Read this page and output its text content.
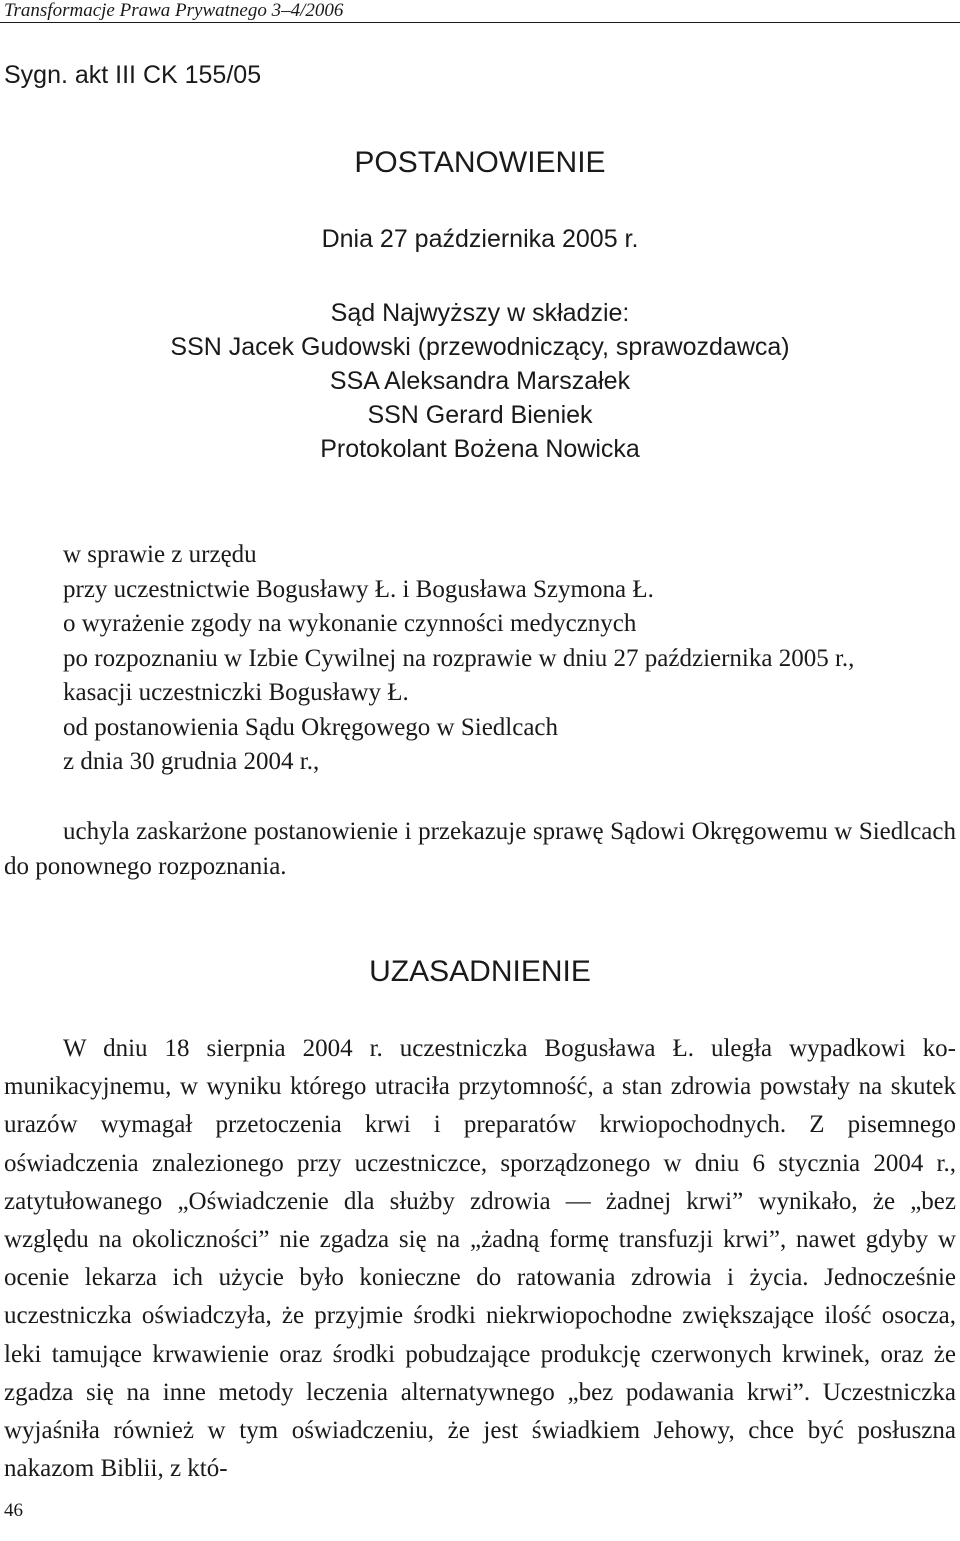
Transformacje Prawa Prywatnego 3–4/2006
Sygn. akt III CK 155/05
POSTANOWIENIE
Dnia 27 października 2005 r.
Sąd Najwyższy w składzie:
SSN Jacek Gudowski (przewodniczący, sprawozdawca)
SSA Aleksandra Marszałek
SSN Gerard Bieniek
Protokolant Bożena Nowicka
w sprawie z urzędu
przy uczestnictwie Bogusławy Ł. i Bogusława Szymona Ł.
o wyrażenie zgody na wykonanie czynności medycznych
po rozpoznaniu w Izbie Cywilnej na rozprawie w dniu 27 października 2005 r.,
kasacji uczestniczki Bogusławy Ł.
od postanowienia Sądu Okręgowego w Siedlcach
z dnia 30 grudnia 2004 r.,
uchyla zaskarżone postanowienie i przekazuje sprawę Sądowi Okręgowemu w Siedlcach do ponownego rozpoznania.
UZASADNIENIE
W dniu 18 sierpnia 2004 r. uczestniczka Bogusława Ł. uległa wypadkowi komunikacyjnemu, w wyniku którego utraciła przytomność, a stan zdrowia powstały na skutek urazów wymagał przetoczenia krwi i preparatów krwiopochodnych. Z pisemnego oświadczenia znalezionego przy uczestniczce, sporządzonego w dniu 6 stycznia 2004 r., zatytułowanego „Oświadczenie dla służby zdrowia — żadnej krwi” wynikało, że „bez względu na okoliczności” nie zgadza się na „żadną formę transfuzji krwi”, nawet gdyby w ocenie lekarza ich użycie było konieczne do ratowania zdrowia i życia. Jednocześnie uczestniczka oświadczyła, że przyjmie środki niekrwiopochodne zwiększające ilość osocza, leki tamujące krwawienie oraz środki pobudzające produkcję czerwonych krwinek, oraz że zgadza się na inne metody leczenia alternatywnego „bez podawania krwi”. Uczestniczka wyjaśniła również w tym oświadczeniu, że jest świadkiem Jehowy, chce być posłuszna nakazom Biblii, z któ-
46
